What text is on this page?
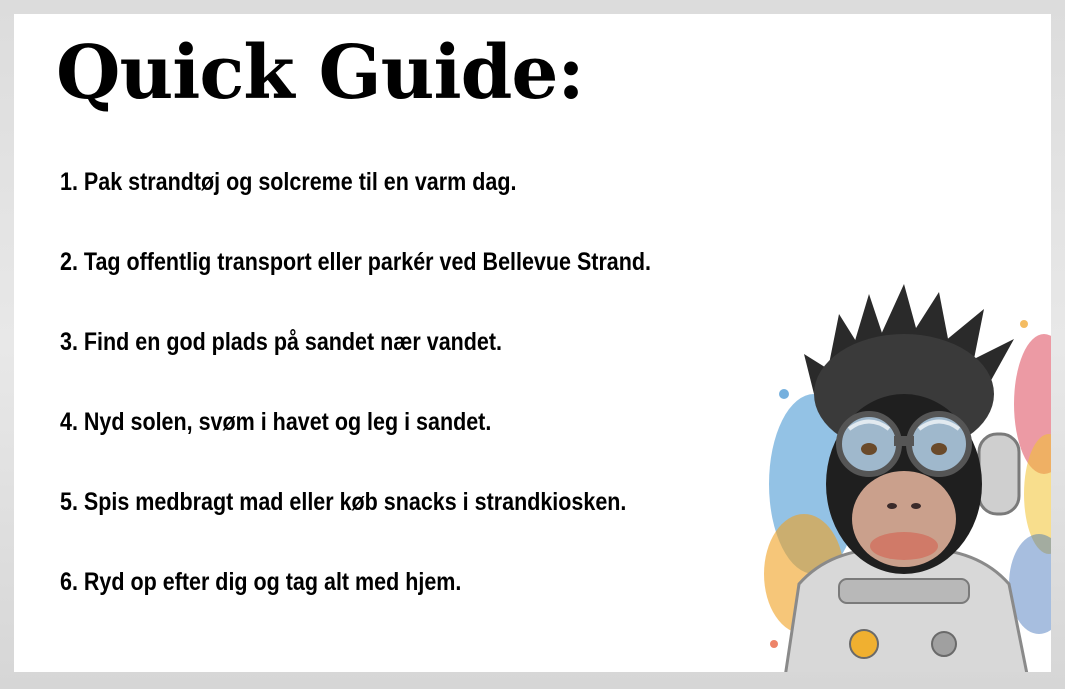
Quick Guide:
1. Pak strandtøj og solcreme til en varm dag.
2. Tag offentlig transport eller parkér ved Bellevue Strand.
3. Find en god plads på sandet nær vandet.
4. Nyd solen, svøm i havet og leg i sandet.
5. Spis medbragt mad eller køb snacks i strandkiosken.
6. Ryd op efter dig og tag alt med hjem.
